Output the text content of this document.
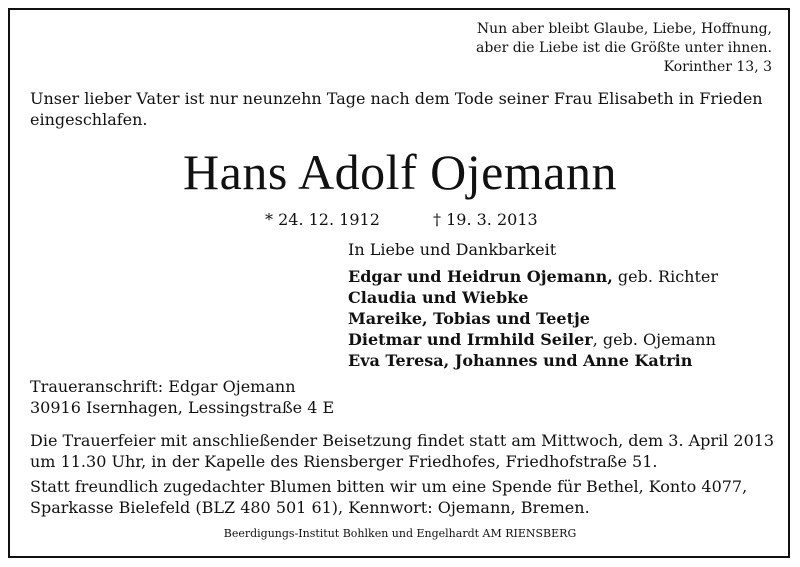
Nun aber bleibt Glaube, Liebe, Hoffnung,
aber die Liebe ist die Größte unter ihnen.
Korinther 13, 3
Unser lieber Vater ist nur neunzehn Tage nach dem Tode seiner Frau Elisabeth in Frieden
eingeschlafen.
Hans Adolf Ojemann
* 24. 12. 1912	† 19. 3. 2013
In Liebe und Dankbarkeit
Edgar und Heidrun Ojemann, geb. Richter
Claudia und Wiebke
Mareike, Tobias und Teetje
Dietmar und Irmhild Seiler, geb. Ojemann
Eva Teresa, Johannes und Anne Katrin
Traueranschrift: Edgar Ojemann
30916 Isernhagen, Lessingstraße 4 E
Die Trauerfeier mit anschließender Beisetzung findet statt am Mittwoch, dem 3. April 2013
um 11.30 Uhr, in der Kapelle des Riensberger Friedhofes, Friedhofstraße 51.
Statt freundlich zugedachter Blumen bitten wir um eine Spende für Bethel, Konto 4077,
Sparkasse Bielefeld (BLZ 480 501 61), Kennwort: Ojemann, Bremen.
Beerdigungs-Institut Bohlken und Engelhardt AM RIENSBERG
